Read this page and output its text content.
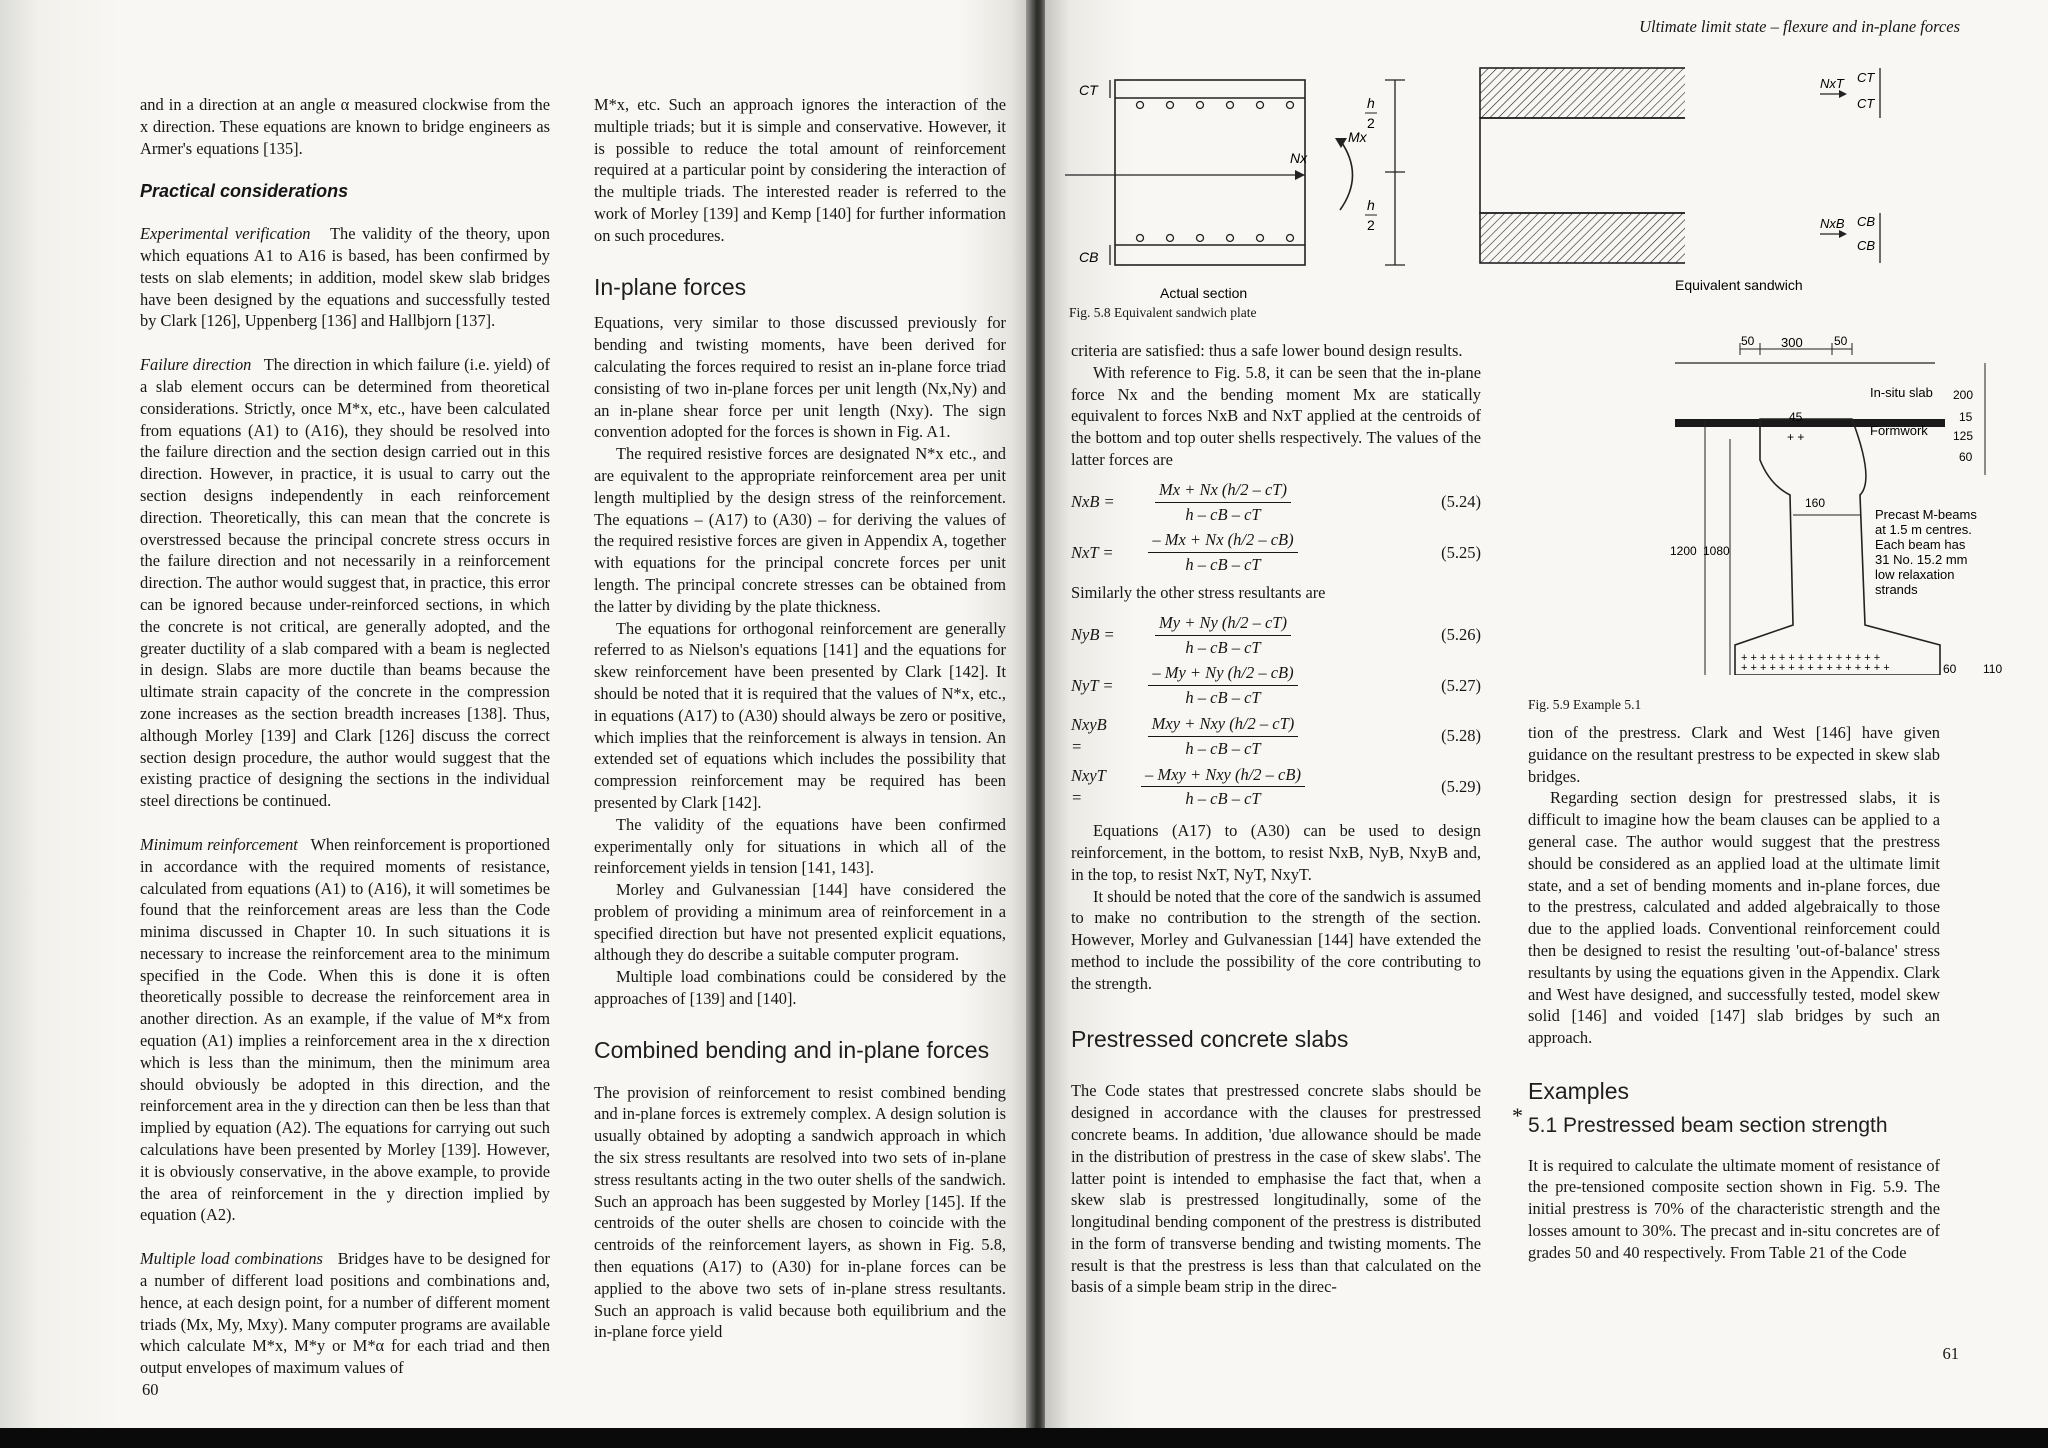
and in a direction at an angle α measured clockwise from the x direction. These equations are known to bridge engineers as Armer's equations [135].

Practical considerations

Experimental verification The validity of the theory, upon which equations A1 to A16 is based, has been confirmed by tests on slab elements; in addition, model skew slab bridges have been designed by the equations and successfully tested by Clark [126], Uppenberg [136] and Hallbjorn [137].

Failure direction The direction in which failure (i.e. yield) of a slab element occurs can be determined from theoretical considerations. Strictly, once M*x, etc., have been calculated from equations (A1) to (A16), they should be resolved into the failure direction and the section design carried out in this direction. However, in practice, it is usual to carry out the section designs independently in each reinforcement direction. Theoretically, this can mean that the concrete is overstressed because the principal concrete stress occurs in the failure direction and not necessarily in a reinforcement direction. The author would suggest that, in practice, this error can be ignored because under-reinforced sections, in which the concrete is not critical, are generally adopted, and the greater ductility of a slab compared with a beam is neglected in design. Slabs are more ductile than beams because the ultimate strain capacity of the concrete in the compression zone increases as the section breadth increases [138]. Thus, although Morley [139] and Clark [126] discuss the correct section design procedure, the author would suggest that the existing practice of designing the sections in the individual steel directions be continued.

Minimum reinforcement When reinforcement is proportioned in accordance with the required moments of resistance, calculated from equations (A1) to (A16), it will sometimes be found that the reinforcement areas are less than the Code minima discussed in Chapter 10. In such situations it is necessary to increase the reinforcement area to the minimum specified in the Code. When this is done it is often theoretically possible to decrease the reinforcement area in another direction. As an example, if the value of M*x from equation (A1) implies a reinforcement area in the x direction which is less than the minimum, then the minimum area should obviously be adopted in this direction, and the reinforcement area in the y direction can then be less than that implied by equation (A2). The equations for carrying out such calculations have been presented by Morley [139]. However, it is obviously conservative, in the above example, to provide the area of reinforcement in the y direction implied by equation (A2).

Multiple load combinations Bridges have to be designed for a number of different load positions and combinations and, hence, at each design point, for a number of different moment triads (Mx, My, Mxy). Many computer programs are available which calculate M*x, M*y or M*α for each triad and then output envelopes of maximum values of

M*x, etc. Such an approach ignores the interaction of the multiple triads; but it is simple and conservative. However, it is possible to reduce the total amount of reinforcement required at a particular point by considering the interaction of the multiple triads. The interested reader is referred to the work of Morley [139] and Kemp [140] for further information on such procedures.

In-plane forces

Equations, very similar to those discussed previously for bending and twisting moments, have been derived for calculating the forces required to resist an in-plane force triad consisting of two in-plane forces per unit length (Nx,Ny) and an in-plane shear force per unit length (Nxy). The sign convention adopted for the forces is shown in Fig. A1.

The required resistive forces are designated N*x etc., and are equivalent to the appropriate reinforcement area per unit length multiplied by the design stress of the reinforcement. The equations – (A17) to (A30) – for deriving the values of the required resistive forces are given in Appendix A, together with equations for the principal concrete forces per unit length. The principal concrete stresses can be obtained from the latter by dividing by the plate thickness.

The equations for orthogonal reinforcement are generally referred to as Nielson's equations [141] and the equations for skew reinforcement have been presented by Clark [142]. It should be noted that it is required that the values of N*x, etc., in equations (A17) to (A30) should always be zero or positive, which implies that the reinforcement is always in tension. An extended set of equations which includes the possibility that compression reinforcement may be required has been presented by Clark [142].

The validity of the equations have been confirmed experimentally only for situations in which all of the reinforcement yields in tension [141, 143].

Morley and Gulvanessian [144] have considered the problem of providing a minimum area of reinforcement in a specified direction but have not presented explicit equations, although they do describe a suitable computer program.

Multiple load combinations could be considered by the approaches of [139] and [140].

Combined bending and in-plane forces

The provision of reinforcement to resist combined bending and in-plane forces is extremely complex. A design solution is usually obtained by adopting a sandwich approach in which the six stress resultants are resolved into two sets of in-plane stress resultants acting in the two outer shells of the sandwich. Such an approach has been suggested by Morley [145]. If the centroids of the outer shells are chosen to coincide with the centroids of the reinforcement layers, as shown in Fig. 5.8, then equations (A17) to (A30) for in-plane forces can be applied to the above two sets of in-plane stress resultants. Such an approach is valid because both equilibrium and the in-plane force yield

60
Ultimate limit state – flexure and in-plane forces
CT
CB
Nx
Mx
Actual section
h
2
h
2
NxT CT
CT
NxB CB
CB
Equivalent sandwich
Fig. 5.8 Equivalent sandwich plate
50 300	50
In-situ slab
Formwork
200
15
125
60
45
+ +
160
Precast M-beams
at 1.5 m centres.
Each beam has
31 No. 15.2 mm
low relaxation
strands
1200 1080
+ + + + + + + + + + + + + + +
+ + + + + + + + + + + + + + + +	60 110
Fig. 5.9 Example 5.1

criteria are satisfied: thus a safe lower bound design results.

With reference to Fig. 5.8, it can be seen that the in-plane force Nx and the bending moment Mx are statically equivalent to forces NxB and NxT applied at the centroids of the bottom and top outer shells respectively. The values of the latter forces are

NxB = $\frac{Mx + Nx (h/2 - cT)}{h - cB - cT}$	(5.24)
NxT = $\frac{- Mx + Nx (h/2 - cB)}{h - cB - cT}$	(5.25)

Similarly the other stress resultants are

NyB = $\frac{My + Ny (h/2 - cT)}{h - cB - cT}$	(5.26)
NyT = $\frac{- My + Ny (h/2 - cB)}{h - cB - cT}$	(5.27)
NxyB =	$\frac{\text{Mxy + Nxy (h/2 – cT)}}{h - cB - cT}$	(5.28)
NxyT =	$\frac{\text{– Mxy + Nxy (h/2 – cB)}}{h - cB - cT}$	(5.29)

Equations (A17) to (A30) can be used to design reinforcement, in the bottom, to resist NxB, NyB, NxyB and, in the top, to resist NxT, NyT, NxyT.

It should be noted that the core of the sandwich is assumed to make no contribution to the strength of the section. However, Morley and Gulvanessian [144] have extended the method to include the possibility of the core contributing to the strength.

Prestressed concrete slabs

The Code states that prestressed concrete slabs should be designed in accordance with the clauses for prestressed concrete beams. In addition, 'due allowance should be made in the distribution of prestress in the case of skew slabs'. The latter point is intended to emphasise the fact that, when a skew slab is prestressed longitudinally, some of the longitudinal bending component of the prestress is distributed in the form of transverse bending and twisting moments. The result is that the prestress is less than that calculated on the basis of a simple beam strip in the direc-

tion of the prestress. Clark and West [146] have given guidance on the resultant prestress to be expected in skew slab bridges.

Regarding section design for prestressed slabs, it is difficult to imagine how the beam clauses can be applied to a general case. The author would suggest that the prestress should be considered as an applied load at the ultimate limit state, and a set of bending moments and in-plane forces, due to the prestress, calculated and added algebraically to those due to the applied loads. Conventional reinforcement could then be designed to resist the resulting 'out-of-balance' stress resultants by using the equations given in the Appendix. Clark and West have designed, and successfully tested, model skew solid [146] and voided [147] slab bridges by such an approach.

Examples
* 5.1 Prestressed beam section strength

It is required to calculate the ultimate moment of resistance of the pre-tensioned composite section shown in Fig. 5.9. The initial prestress is 70% of the characteristic strength and the losses amount to 30%. The precast and in-situ concretes are of grades 50 and 40 respectively. From Table 21 of the Code

61
